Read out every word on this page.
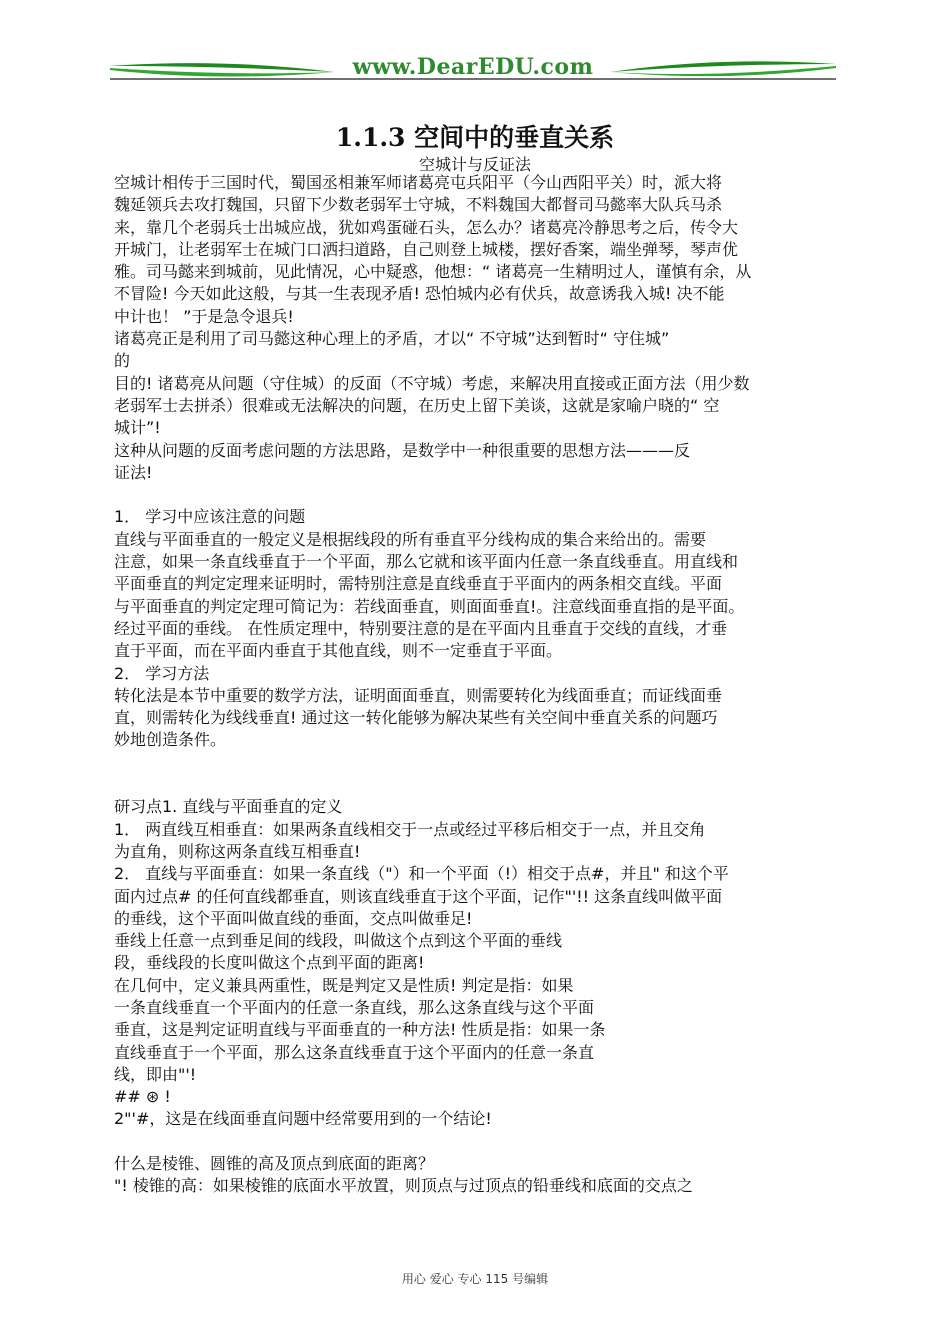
www.DearEDU.com
1.1.3 空间中的垂直关系
空城计与反证法
空城计相传于三国时代，蜀国丞相兼军师诸葛亮屯兵阳平（今山西阳平关）时，派大将
魏延领兵去攻打魏国，只留下少数老弱军士守城，不料魏国大都督司马懿率大队兵马杀
来，靠几个老弱兵士出城应战，犹如鸡蛋碰石头，怎么办？诸葛亮冷静思考之后，传令大
开城门，让老弱军士在城门口洒扫道路，自己则登上城楼，摆好香案，端坐弹琴，琴声优
雅。司马懿来到城前，见此情况，心中疑惑，他想：“ 诸葛亮一生精明过人，谨慎有余，从
不冒险! 今天如此这般，与其一生表现矛盾! 恐怕城内必有伏兵，故意诱我入城! 决不能
中计也！ ”于是急令退兵!
诸葛亮正是利用了司马懿这种心理上的矛盾，才以“ 不守城”达到暂时“ 守住城”
的
目的! 诸葛亮从问题（守住城）的反面（不守城）考虑，来解决用直接或正面方法（用少数
老弱军士去拼杀）很难或无法解决的问题，在历史上留下美谈，这就是家喻户晓的“ 空
城计”!
这种从问题的反面考虑问题的方法思路，是数学中一种很重要的思想方法———反
证法!
1． 学习中应该注意的问题
直线与平面垂直的一般定义是根据线段的所有垂直平分线构成的集合来给出的。需要
注意，如果一条直线垂直于一个平面，那么它就和该平面内任意一条直线垂直。用直线和
平面垂直的判定定理来证明时，需特别注意是直线垂直于平面内的两条相交直线。平面
与平面垂直的判定定理可简记为：若线面垂直，则面面垂直!。注意线面垂直指的是平面。
经过平面的垂线。 在性质定理中，特别要注意的是在平面内且垂直于交线的直线，才垂
直于平面，而在平面内垂直于其他直线，则不一定垂直于平面。
2． 学习方法
转化法是本节中重要的数学方法，证明面面垂直，则需要转化为线面垂直；而证线面垂
直，则需转化为线线垂直! 通过这一转化能够为解决某些有关空间中垂直关系的问题巧
妙地创造条件。
研习点1. 直线与平面垂直的定义
1． 两直线互相垂直：如果两条直线相交于一点或经过平移后相交于一点，并且交角
为直角，则称这两条直线互相垂直!
2． 直线与平面垂直：如果一条直线（"）和一个平面（!）相交于点#，并且" 和这个平
面内过点# 的任何直线都垂直，则该直线垂直于这个平面，记作"'!! 这条直线叫做平面
的垂线，这个平面叫做直线的垂面，交点叫做垂足!
垂线上任意一点到垂足间的线段，叫做这个点到这个平面的垂线
段，垂线段的长度叫做这个点到平面的距离!
在几何中，定义兼具两重性，既是判定又是性质! 判定是指：如果
一条直线垂直一个平面内的任意一条直线，那么这条直线与这个平面
垂直，这是判定证明直线与平面垂直的一种方法! 性质是指：如果一条
直线垂直于一个平面，那么这条直线垂直于这个平面内的任意一条直
线，即由"'!
## ⊛ !
2"'#，这是在线面垂直问题中经常要用到的一个结论!
什么是棱锥、圆锥的高及顶点到底面的距离？
"! 棱锥的高：如果棱锥的底面水平放置，则顶点与过顶点的铅垂线和底面的交点之
用心 爱心 专心 115 号编辑
